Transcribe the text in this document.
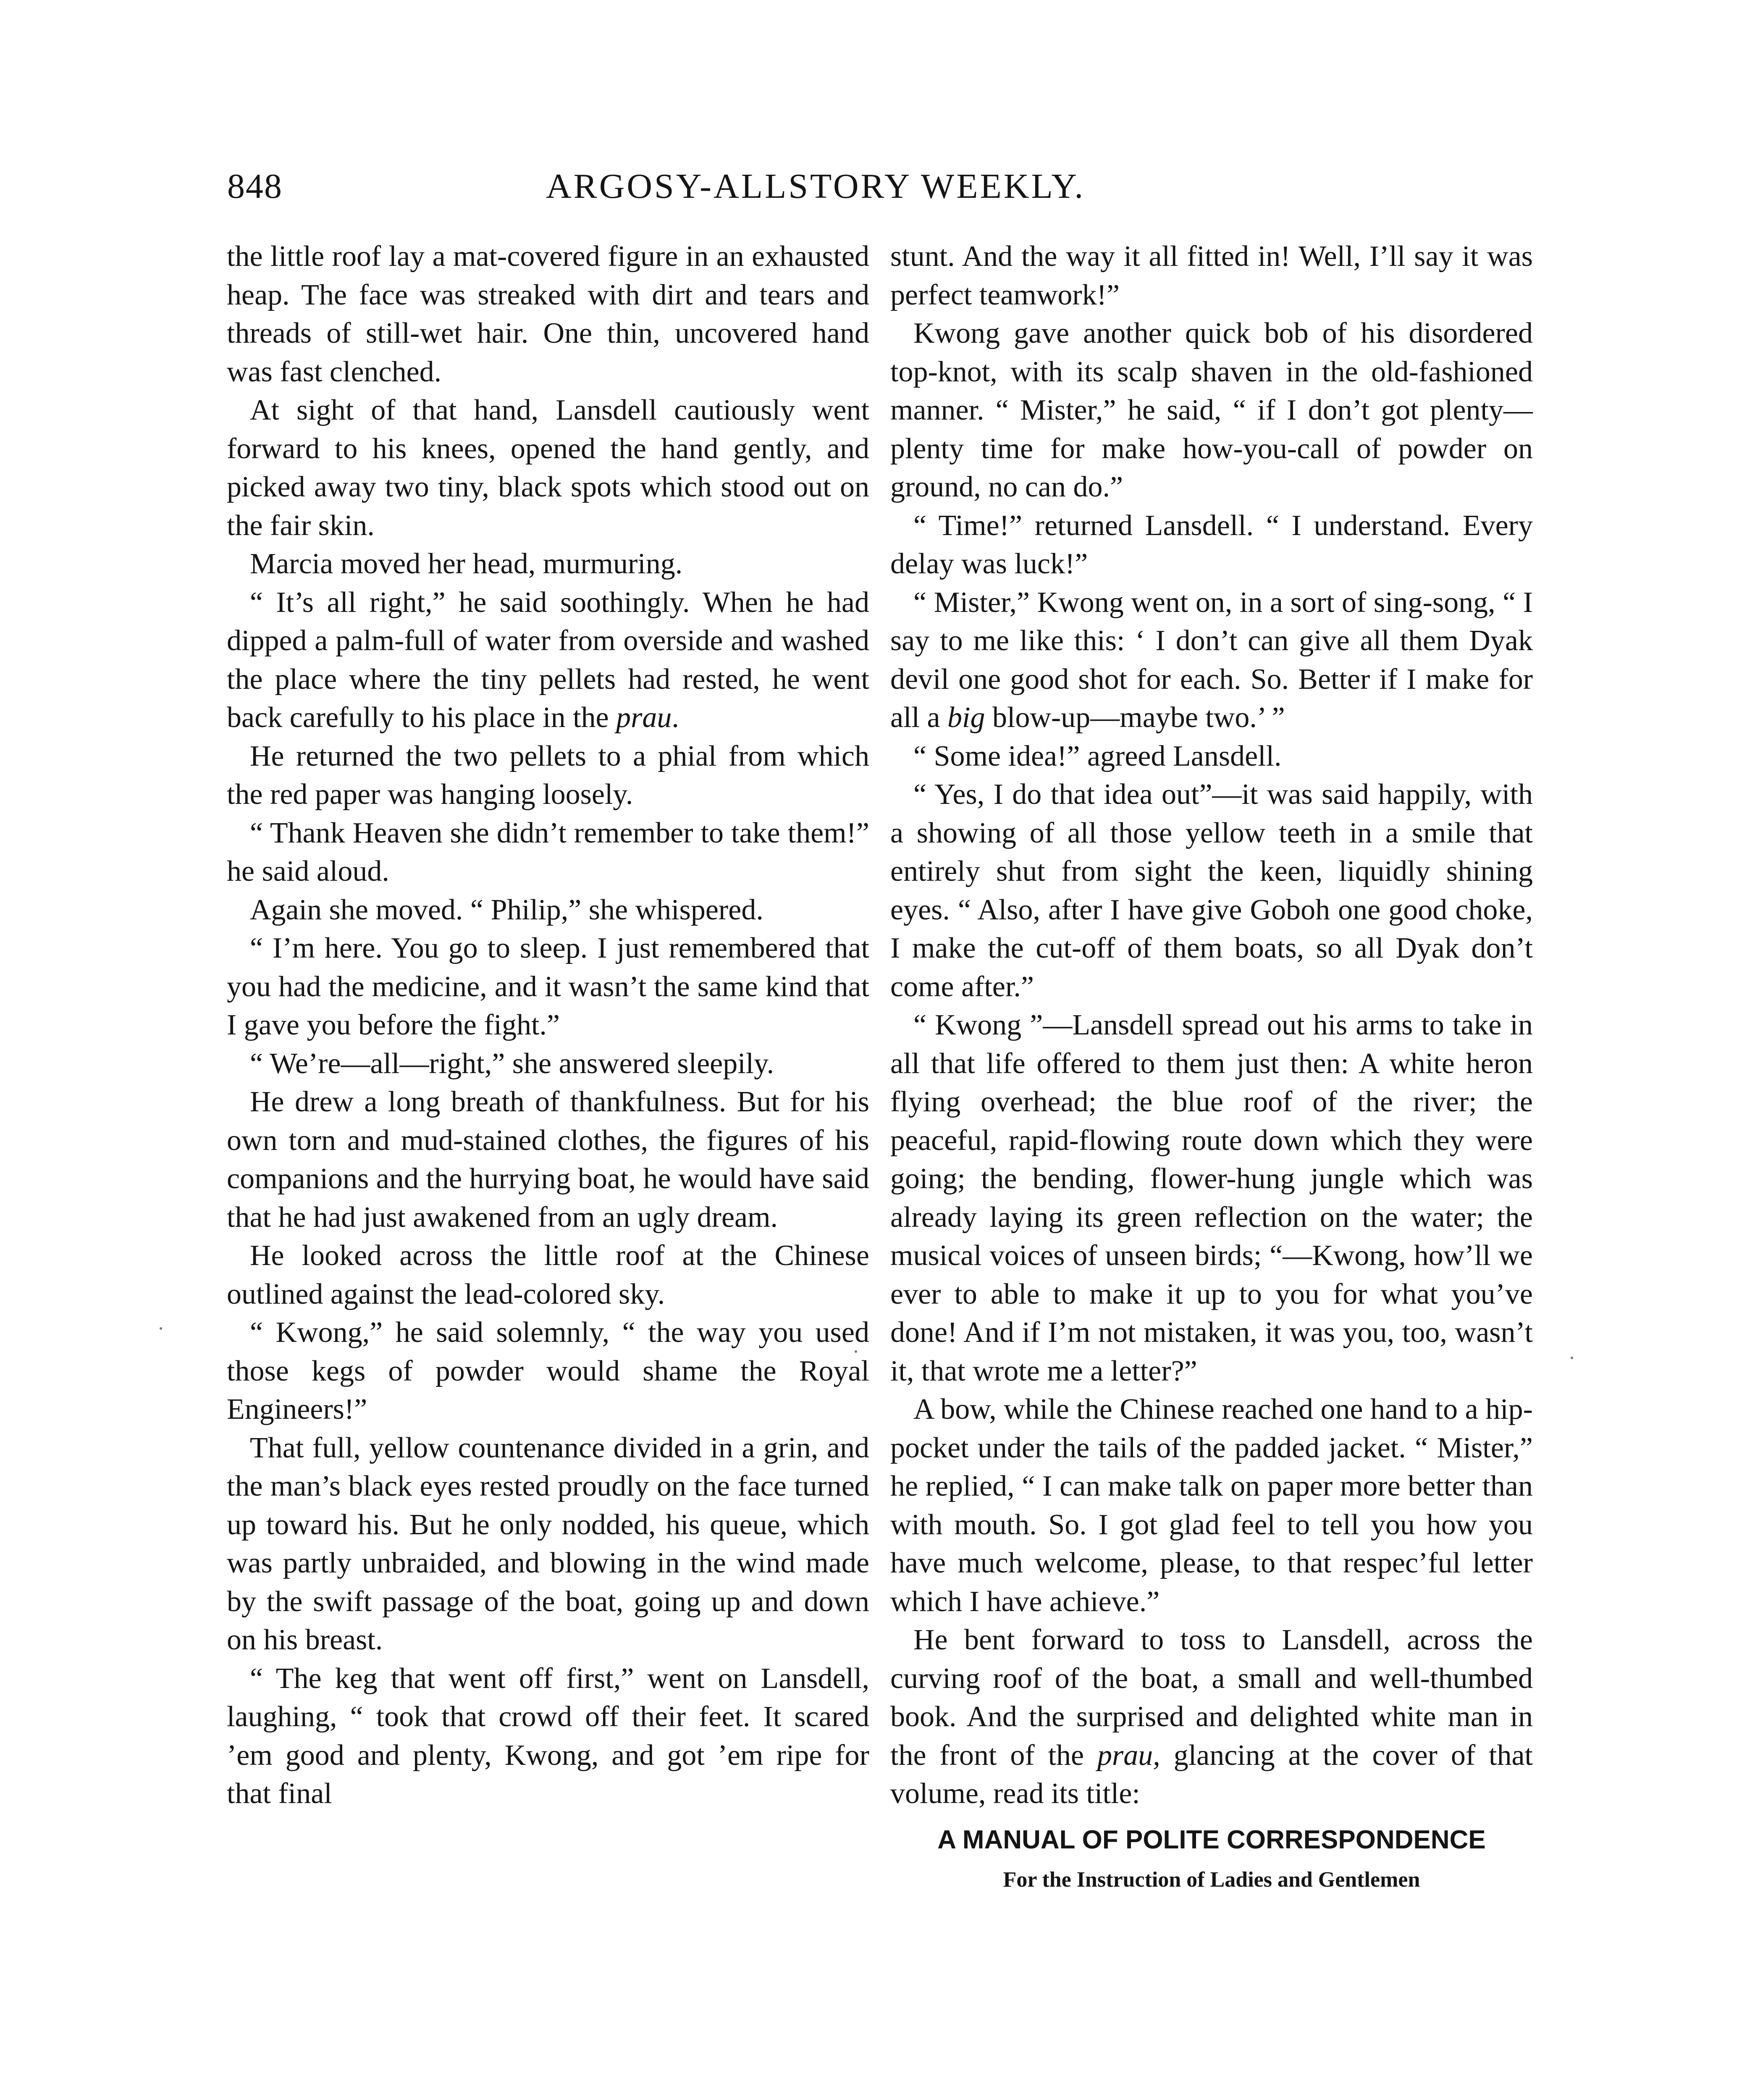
848	ARGOSY-ALLSTORY WEEKLY.

the little roof lay a mat-covered figure in an exhausted heap. The face was streaked with dirt and tears and threads of still-wet hair. One thin, uncovered hand was fast clenched.

At sight of that hand, Lansdell cautiously went forward to his knees, opened the hand gently, and picked away two tiny, black spots which stood out on the fair skin.

Marcia moved her head, murmuring.

“ It’s all right,” he said soothingly. When he had dipped a palm-full of water from overside and washed the place where the tiny pellets had rested, he went back carefully to his place in the prau.

He returned the two pellets to a phial from which the red paper was hanging loosely.

“ Thank Heaven she didn’t remember to take them!” he said aloud.

Again she moved. “ Philip,” she whispered.

“ I’m here. You go to sleep. I just remembered that you had the medicine, and it wasn’t the same kind that I gave you before the fight.”

“ We’re—all—right,” she answered sleepily.

He drew a long breath of thankfulness. But for his own torn and mud-stained clothes, the figures of his companions and the hurrying boat, he would have said that he had just awakened from an ugly dream.

He looked across the little roof at the Chinese outlined against the lead-colored sky.

“ Kwong,” he said solemnly, “ the way you used those kegs of powder would shame the Royal Engineers!”

That full, yellow countenance divided in a grin, and the man’s black eyes rested proudly on the face turned up toward his. But he only nodded, his queue, which was partly unbraided, and blowing in the wind made by the swift passage of the boat, going up and down on his breast.

“ The keg that went off first,” went on Lansdell, laughing, “ took that crowd off their feet. It scared ’em good and plenty, Kwong, and got ’em ripe for that final

stunt. And the way it all fitted in! Well, I’ll say it was perfect teamwork!”

Kwong gave another quick bob of his disordered top-knot, with its scalp shaven in the old-fashioned manner. “ Mister,” he said, “ if I don’t got plenty—plenty time for make how-you-call of powder on ground, no can do.”

“ Time!” returned Lansdell. “ I understand. Every delay was luck!”

“ Mister,” Kwong went on, in a sort of sing-song, “ I say to me like this: ‘ I don’t can give all them Dyak devil one good shot for each. So. Better if I make for all a big blow-up—maybe two.’ ”

“ Some idea!” agreed Lansdell.

“ Yes, I do that idea out”—it was said happily, with a showing of all those yellow teeth in a smile that entirely shut from sight the keen, liquidly shining eyes. “ Also, after I have give Goboh one good choke, I make the cut-off of them boats, so all Dyak don’t come after.”

“ Kwong ”—Lansdell spread out his arms to take in all that life offered to them just then: A white heron flying overhead; the blue roof of the river; the peaceful, rapid-flowing route down which they were going; the bending, flower-hung jungle which was already laying its green reflection on the water; the musical voices of unseen birds; “—Kwong, how’ll we ever to able to make it up to you for what you’ve done! And if I’m not mistaken, it was you, too, wasn’t it, that wrote me a letter?”

A bow, while the Chinese reached one hand to a hip-pocket under the tails of the padded jacket. “ Mister,” he replied, “ I can make talk on paper more better than with mouth. So. I got glad feel to tell you how you have much welcome, please, to that respec’ful letter which I have achieve.”

He bent forward to toss to Lansdell, across the curving roof of the boat, a small and well-thumbed book. And the surprised and delighted white man in the front of the prau, glancing at the cover of that volume, read its title:

A MANUAL OF POLITE CORRESPONDENCE

For the Instruction of Ladies and Gentlemen
